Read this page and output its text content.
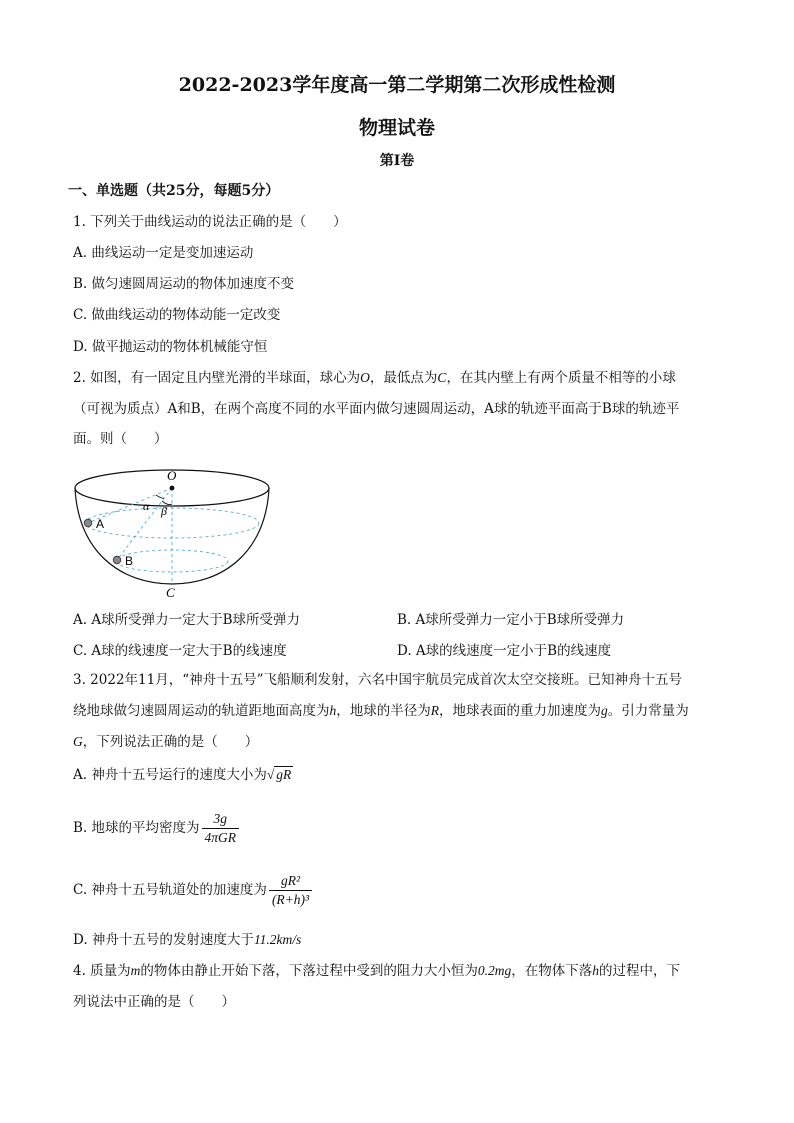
2022-2023学年度高一第二学期第二次形成性检测
物理试卷
第I卷
一、单选题（共25分，每题5分）
1. 下列关于曲线运动的说法正确的是（　　）
A. 曲线运动一定是变加速运动
B. 做匀速圆周运动的物体加速度不变
C. 做曲线运动的物体动能一定改变
D. 做平抛运动的物体机械能守恒
2. 如图，有一固定且内壁光滑的半球面，球心为O，最低点为C，在其内壁上有两个质量不相等的小球
（可视为质点）A和B，在两个高度不同的水平面内做匀速圆周运动，A球的轨迹平面高于B球的轨迹平
面。则（　　）
O
C
A
B
α β
A. A球所受弹力一定大于B球所受弹力	B. A球所受弹力一定小于B球所受弹力
C. A球的线速度一定大于B的线速度	D. A球的线速度一定小于B的线速度
3. 2022年11月，“神舟十五号”飞船顺利发射，六名中国宇航员完成首次太空交接班。已知神舟十五号
绕地球做匀速圆周运动的轨道距地面高度为h，地球的半径为R，地球表面的重力加速度为g。引力常量为
G，下列说法正确的是（　　）
A. 神舟十五号运行的速度大小为√ gR
B. 地球的平均密度为 $\frac{3g}{\text{4πGR}}$
C. 神舟十五号轨道处的加速度为 $\frac{\text{gR²}}{\text{(R+h)³}}$
D. 神舟十五号的发射速度大于11.2km/s
4. 质量为m的物体由静止开始下落，下落过程中受到的阻力大小恒为0.2mg，在物体下落h的过程中，下
列说法中正确的是（　　）
